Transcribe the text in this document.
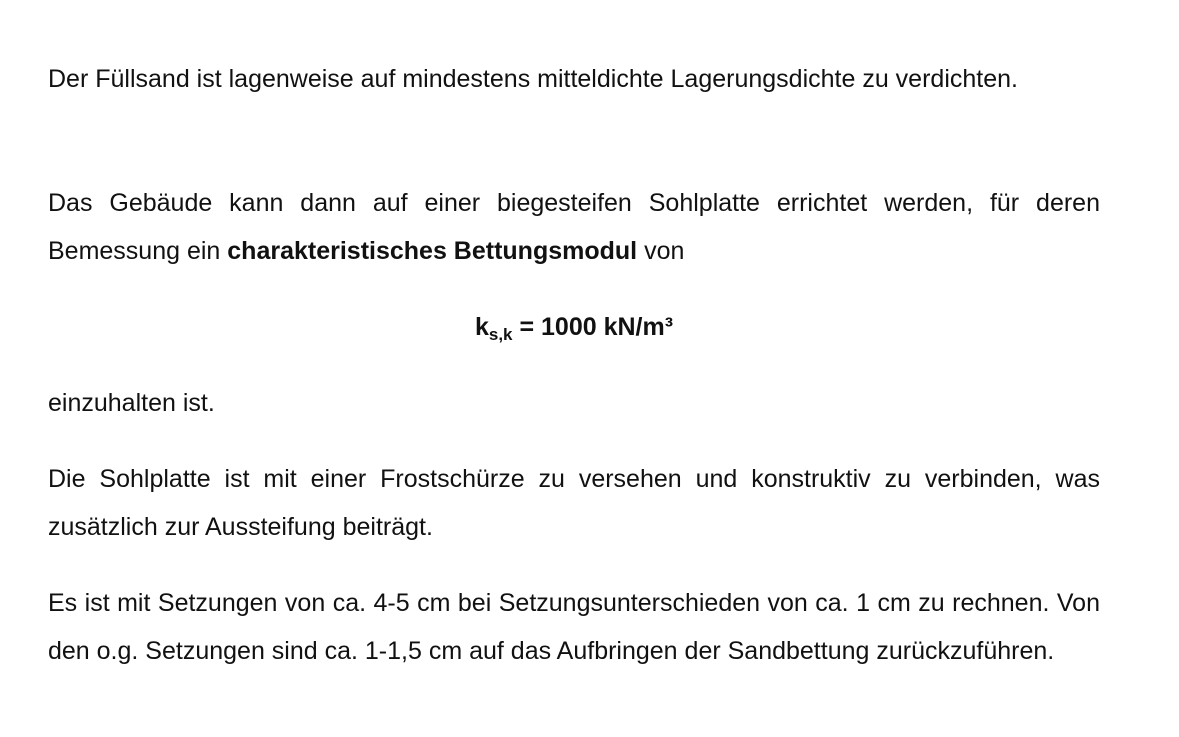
Der Füllsand ist lagenweise auf mindestens mitteldichte Lagerungsdichte zu verdichten.

Das Gebäude kann dann auf einer biegesteifen Sohlplatte errichtet werden, für deren Bemessung ein charakteristisches Bettungsmodul von

$k_{s,k} = 1000$ kN/m³

einzuhalten ist.

Die Sohlplatte ist mit einer Frostschürze zu versehen und konstruktiv zu verbinden, was zusätzlich zur Aussteifung beiträgt.

Es ist mit Setzungen von ca. 4-5 cm bei Setzungsunterschieden von ca. 1 cm zu rechnen. Von den o.g. Setzungen sind ca. 1-1,5 cm auf das Aufbringen der Sandbettung zurückzuführen.
